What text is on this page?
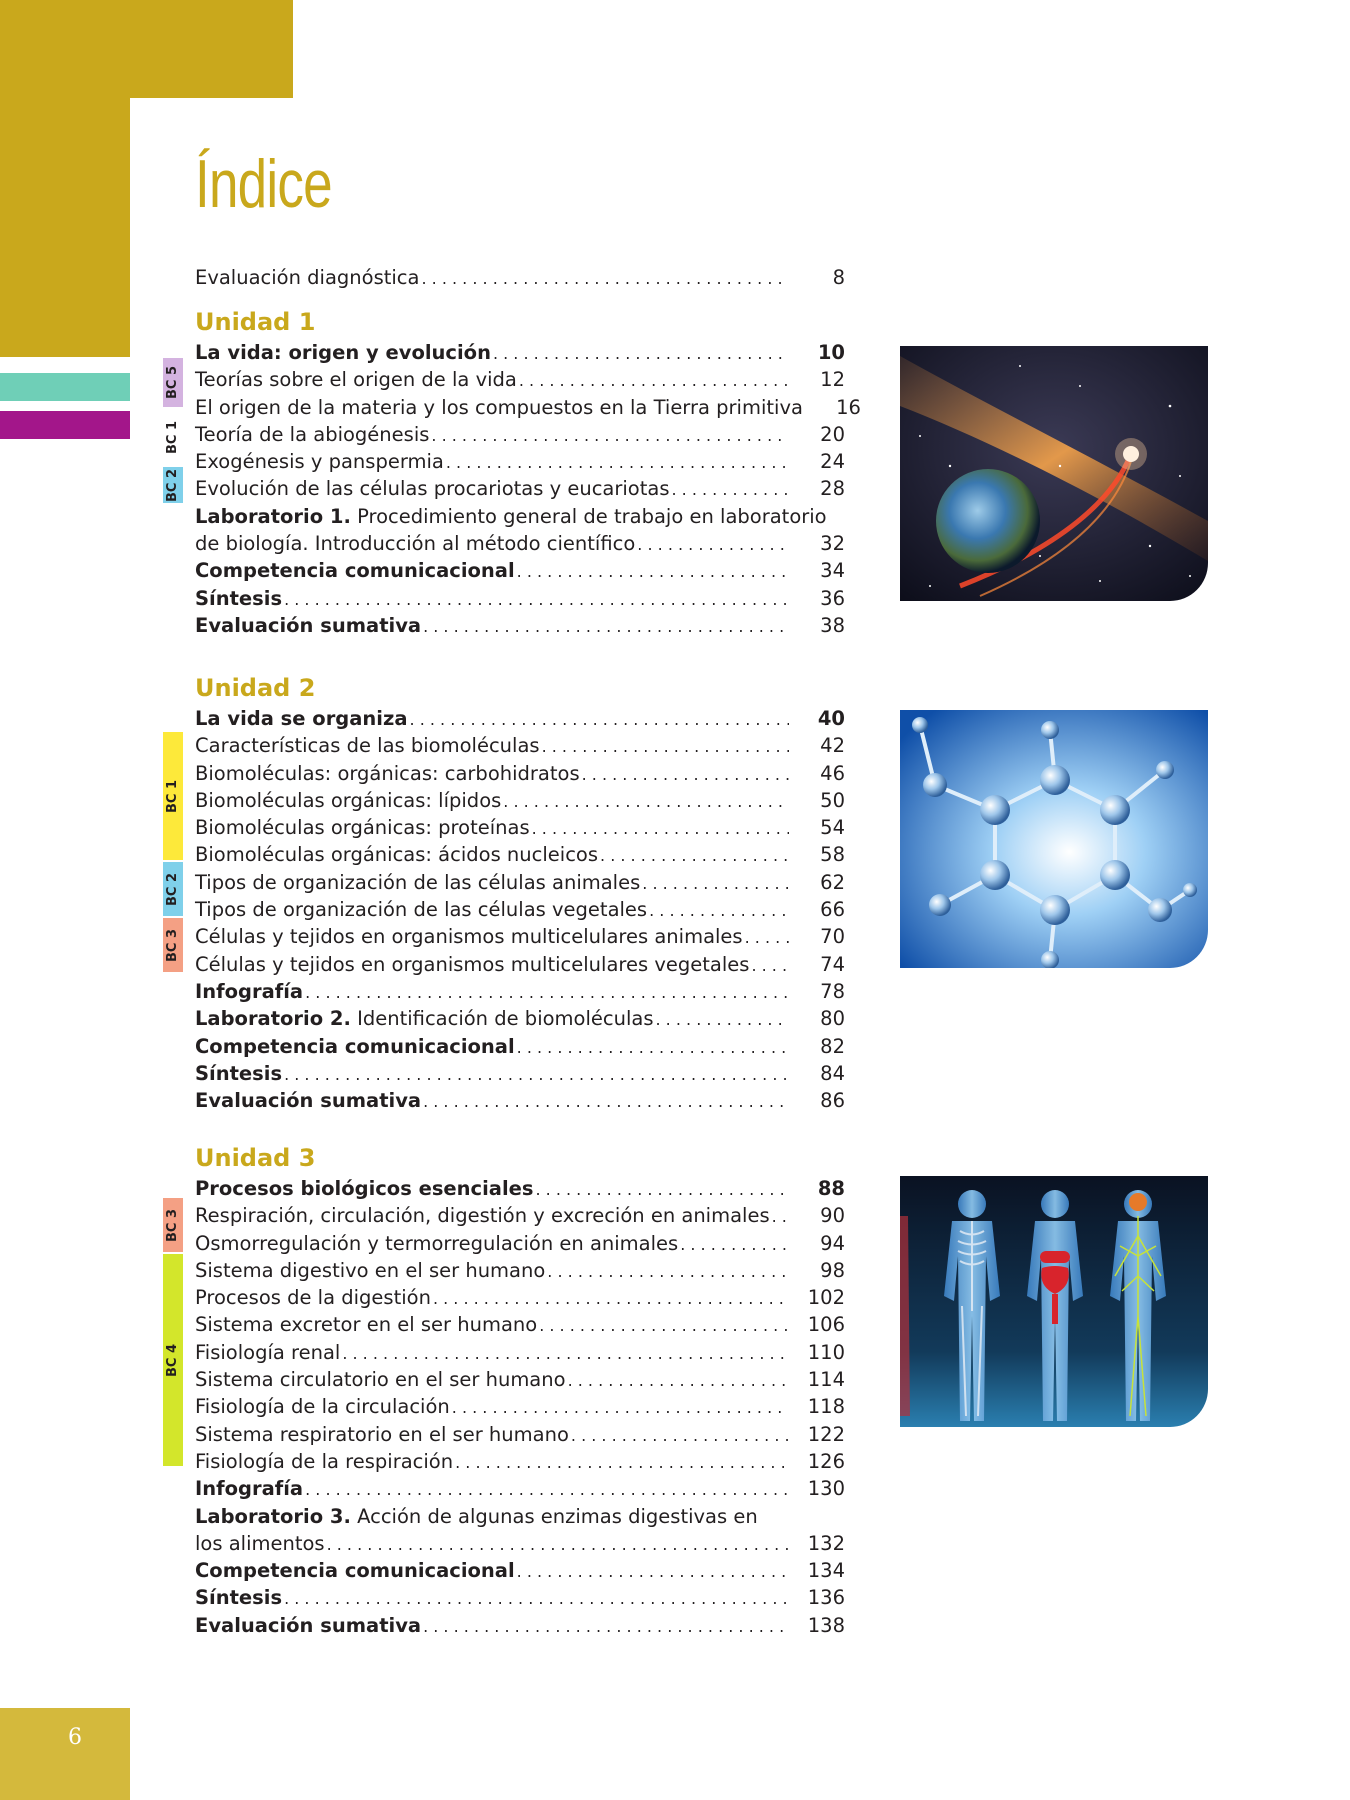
Índice
Evaluación diagnóstica . . .	8
Unidad 1
La vida: origen y evolución . . .	10
Teorías sobre el origen de la vida . . .	12
El origen de la materia y los compuestos en la Tierra primitiva . . .	16
Teoría de la abiogénesis . . .	20
Exogénesis y panspermia . . .	24
Evolución de las células procariotas y eucariotas . . .	28
Laboratorio 1. Procedimiento general de trabajo en laboratorio
de biología. Introducción al método científico . . .	32
Competencia comunicacional . . .	34
Síntesis . . .	36
Evaluación sumativa . . .	38
Unidad 2
La vida se organiza . . .	40
Características de las biomoléculas . . .	42
Biomoléculas: orgánicas: carbohidratos . . .	46
Biomoléculas orgánicas: lípidos . . .	50
Biomoléculas orgánicas: proteínas . . .	54
Biomoléculas orgánicas: ácidos nucleicos . . .	58
Tipos de organización de las células animales . . .	62
Tipos de organización de las células vegetales . . .	66
Células y tejidos en organismos multicelulares animales . . .	70
Células y tejidos en organismos multicelulares vegetales . . .	74
Infografía . . .	78
Laboratorio 2. Identificación de biomoléculas . . .	80
Competencia comunicacional . . .	82
Síntesis . . .	84
Evaluación sumativa . . .	86
Unidad 3
Procesos biológicos esenciales . . .	88
Respiración, circulación, digestión y excreción en animales . . .	90
Osmorregulación y termorregulación en animales . . .	94
Sistema digestivo en el ser humano . . .	98
Procesos de la digestión . . .	102
Sistema excretor en el ser humano . . .	106
Fisiología renal . . .	110
Sistema circulatorio en el ser humano . . .	114
Fisiología de la circulación . . .	118
Sistema respiratorio en el ser humano . . .	122
Fisiología de la respiración . . .	126
Infografía . . .	130
Laboratorio 3. Acción de algunas enzimas digestivas en
los alimentos . . .	132
Competencia comunicacional . . .	134
Síntesis . . .	136
Evaluación sumativa . . .	138
BC 5
BC 1
BC 2
BC 1
BC 2
BC 3
BC 3
BC 4
6
